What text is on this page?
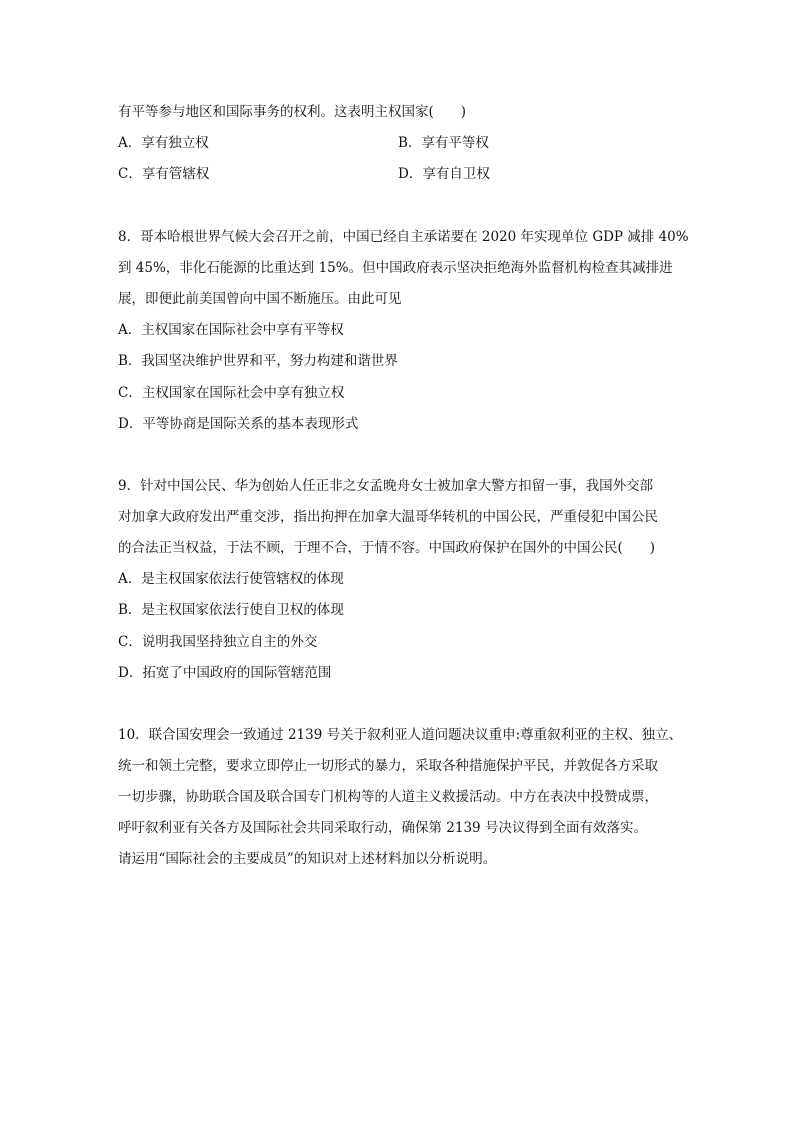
有平等参与地区和国际事务的权利。这表明主权国家(　　)
A．享有独立权	B．享有平等权
C．享有管辖权	D．享有自卫权
8．哥本哈根世界气候大会召开之前，中国已经自主承诺要在 2020 年实现单位 GDP 减排 40%
到 45%，非化石能源的比重达到 15%。但中国政府表示坚决拒绝海外监督机构检查其减排进
展，即便此前美国曾向中国不断施压。由此可见
A．主权国家在国际社会中享有平等权
B．我国坚决维护世界和平，努力构建和谐世界
C．主权国家在国际社会中享有独立权
D．平等协商是国际关系的基本表现形式
9．针对中国公民、华为创始人任正非之女孟晚舟女士被加拿大警方扣留一事，我国外交部
对加拿大政府发出严重交涉，指出拘押在加拿大温哥华转机的中国公民，严重侵犯中国公民
的合法正当权益，于法不顾，于理不合，于情不容。中国政府保护在国外的中国公民(　　)
A．是主权国家依法行使管辖权的体现
B．是主权国家依法行使自卫权的体现
C．说明我国坚持独立自主的外交
D．拓宽了中国政府的国际管辖范围
10．联合国安理会一致通过 2139 号关于叙利亚人道问题决议重申:尊重叙利亚的主权、独立、
统一和领土完整，要求立即停止一切形式的暴力，采取各种措施保护平民，并敦促各方采取
一切步骤，协助联合国及联合国专门机构等的人道主义救援活动。中方在表决中投赞成票，
呼吁叙利亚有关各方及国际社会共同采取行动，确保第 2139 号决议得到全面有效落实。
请运用“国际社会的主要成员”的知识对上述材料加以分析说明。
